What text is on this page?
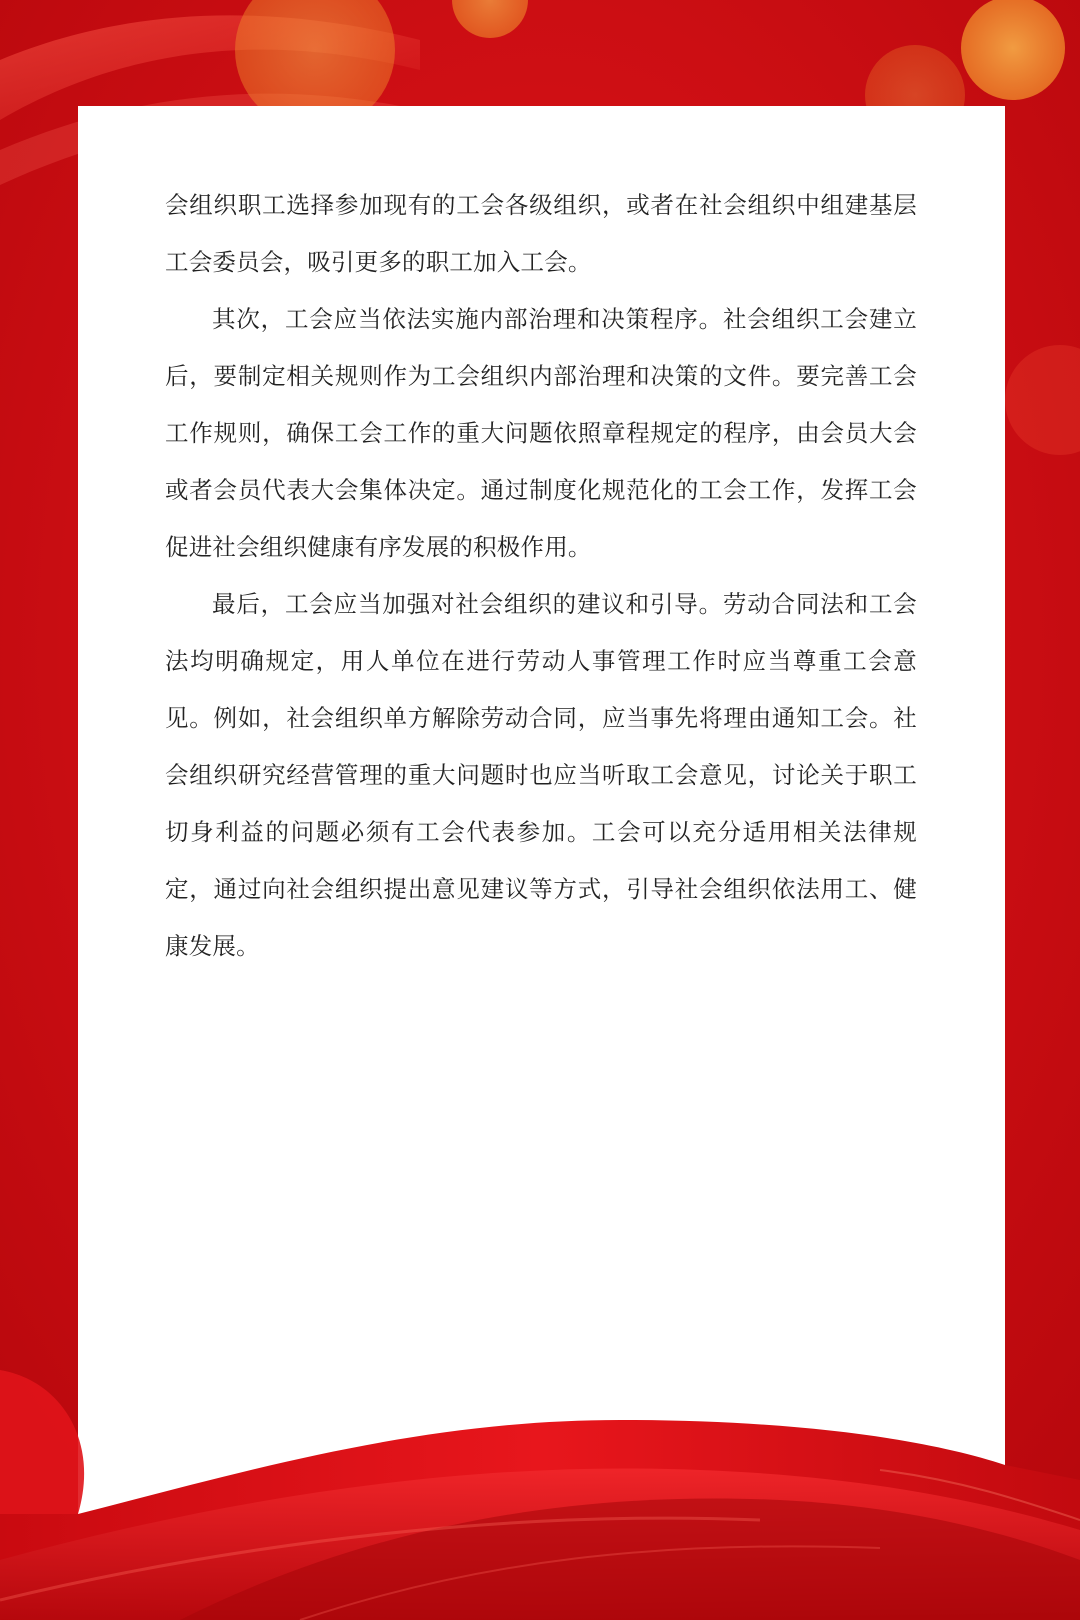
会组织职工选择参加现有的工会各级组织，或者在社会组织中组建基层工会委员会，吸引更多的职工加入工会。

其次，工会应当依法实施内部治理和决策程序。社会组织工会建立后，要制定相关规则作为工会组织内部治理和决策的文件。要完善工会工作规则，确保工会工作的重大问题依照章程规定的程序，由会员大会或者会员代表大会集体决定。通过制度化规范化的工会工作，发挥工会促进社会组织健康有序发展的积极作用。

最后，工会应当加强对社会组织的建议和引导。劳动合同法和工会法均明确规定，用人单位在进行劳动人事管理工作时应当尊重工会意见。例如，社会组织单方解除劳动合同，应当事先将理由通知工会。社会组织研究经营管理的重大问题时也应当听取工会意见，讨论关于职工切身利益的问题必须有工会代表参加。工会可以充分适用相关法律规定，通过向社会组织提出意见建议等方式，引导社会组织依法用工、健康发展。
